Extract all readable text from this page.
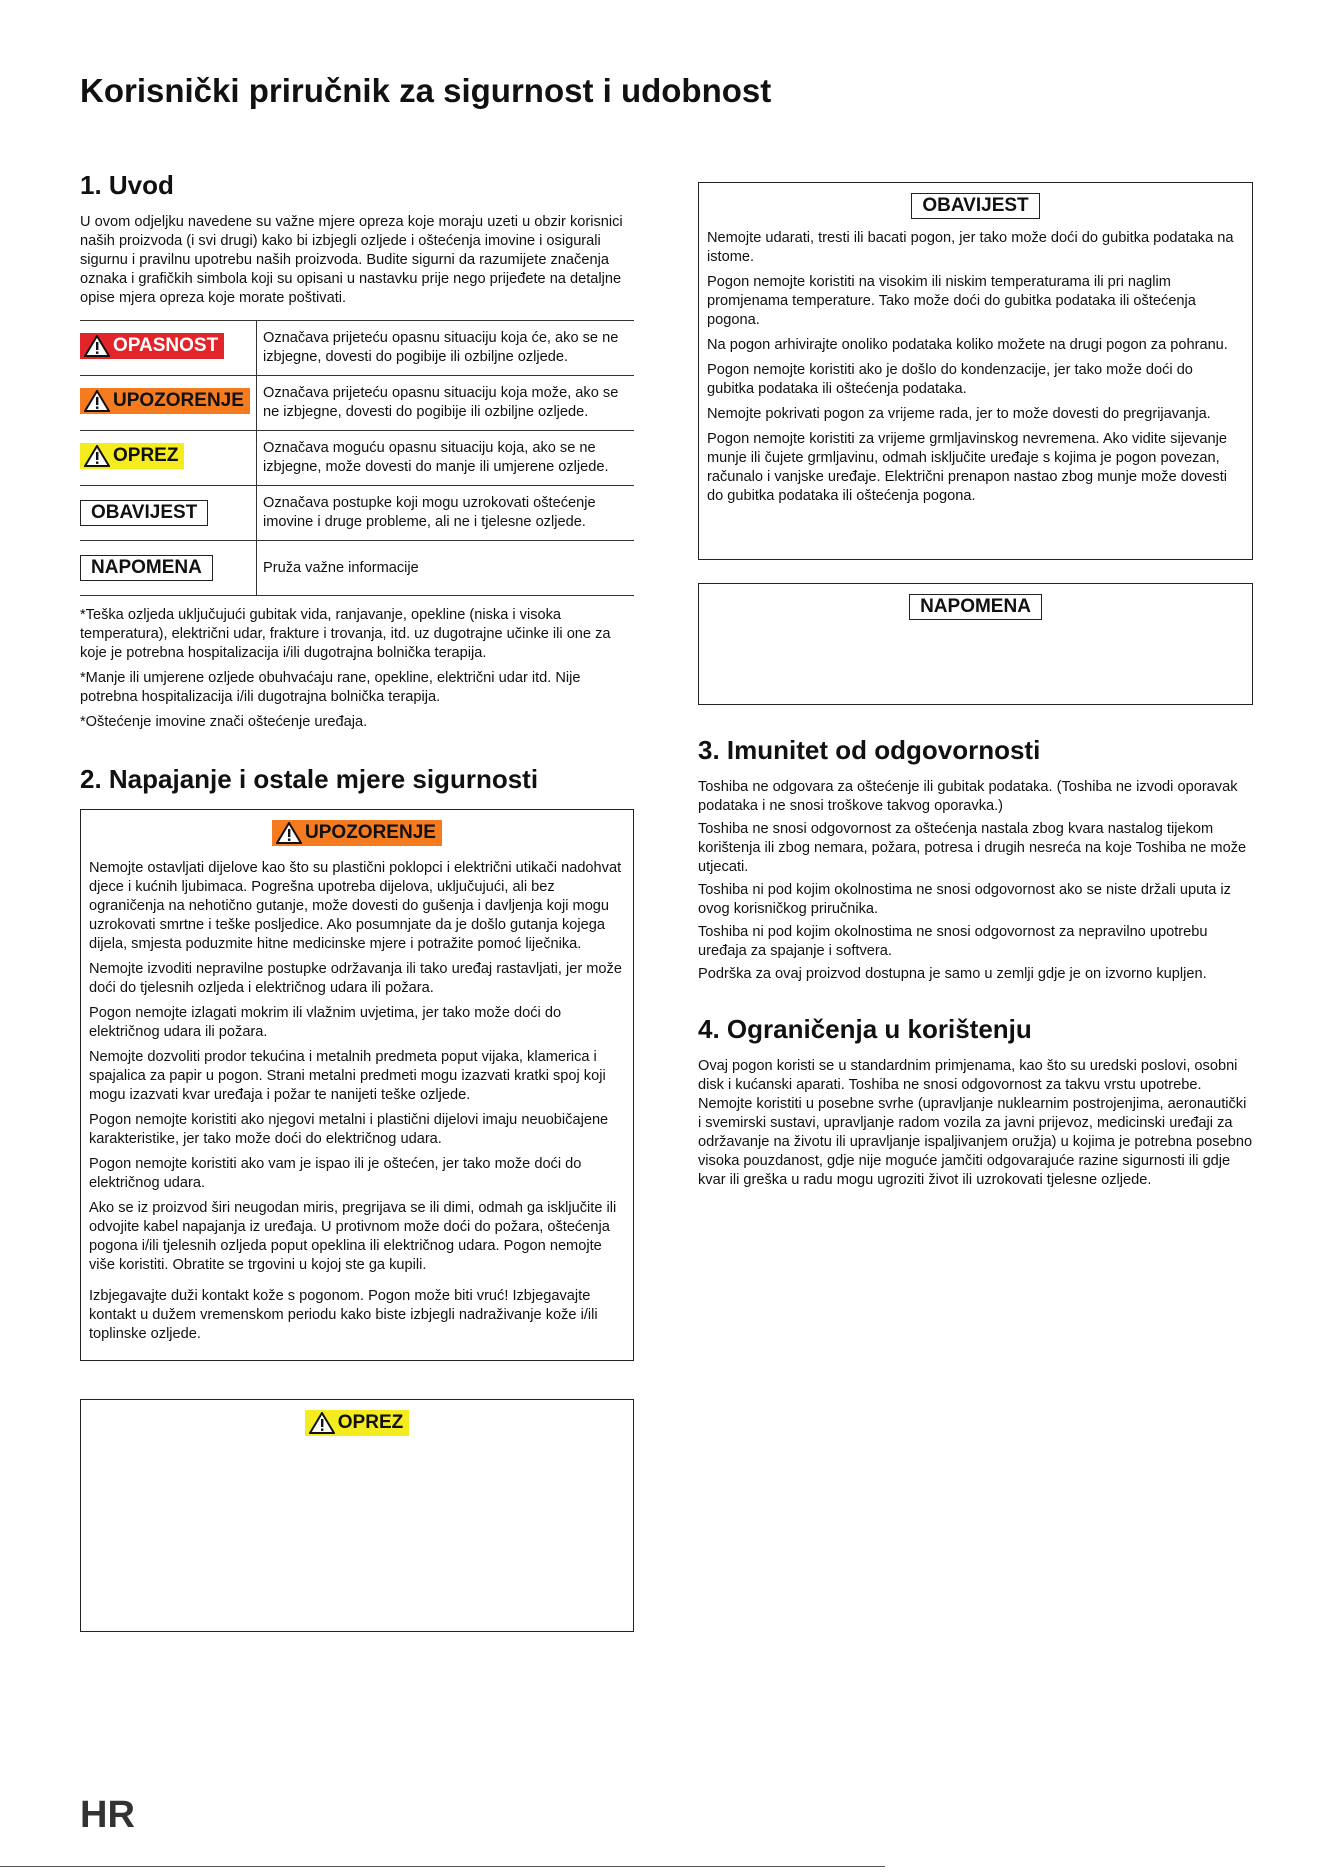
Korisnički priručnik za sigurnost i udobnost
1. Uvod

U ovom odjeljku navedene su važne mjere opreza koje moraju uzeti u obzir korisnici naših proizvoda (i svi drugi) kako bi izbjegli ozljede i oštećenja imovine i osigurali sigurnu i pravilnu upotrebu naših proizvoda. Budite sigurni da razumijete značenja oznaka i grafičkih simbola koji su opisani u nastavku prije nego prijeđete na detaljne opise mjera opreza koje morate poštivati.

OPASNOST	Označava prijeteću opasnu situaciju koja će, ako se ne izbjegne, dovesti do pogibije ili ozbiljne ozljede.

UPOZORENJE	Označava prijeteću opasnu situaciju koja može, ako se ne izbjegne, dovesti do pogibije ili ozbiljne ozljede.

OPREZ	Označava moguću opasnu situaciju koja, ako se ne izbjegne, može dovesti do manje ili umjerene ozljede.
OBAVIJEST	Označava postupke koji mogu uzrokovati oštećenje imovine i druge probleme, ali ne i tjelesne ozljede.
NAPOMENA	Pruža važne informacije

*Teška ozljeda uključujući gubitak vida, ranjavanje, opekline (niska i visoka temperatura), električni udar, frakture i trovanja, itd. uz dugotrajne učinke ili one za koje je potrebna hospitalizacija i/ili dugotrajna bolnička terapija.

*Manje ili umjerene ozljede obuhvaćaju rane, opekline, električni udar itd. Nije potrebna hospitalizacija i/ili dugotrajna bolnička terapija.

*Oštećenje imovine znači oštećenje uređaja.

2. Napajanje i ostale mjere sigurnosti
UPOZORENJE

Nemojte ostavljati dijelove kao što su plastični poklopci i električni utikači nadohvat djece i kućnih ljubimaca. Pogrešna upotreba dijelova, uključujući, ali bez ograničenja na nehotično gutanje, može dovesti do gušenja i davljenja koji mogu uzrokovati smrtne i teške posljedice. Ako posumnjate da je došlo gutanja kojega dijela, smjesta poduzmite hitne medicinske mjere i potražite pomoć liječnika.

Nemojte izvoditi nepravilne postupke održavanja ili tako uređaj rastavljati, jer može doći do tjelesnih ozljeda i električnog udara ili požara.

Pogon nemojte izlagati mokrim ili vlažnim uvjetima, jer tako može doći do električnog udara ili požara.

Nemojte dozvoliti prodor tekućina i metalnih predmeta poput vijaka, klamerica i spajalica za papir u pogon. Strani metalni predmeti mogu izazvati kratki spoj koji mogu izazvati kvar uređaja i požar te nanijeti teške ozljede.

Pogon nemojte koristiti ako njegovi metalni i plastični dijelovi imaju neuobičajene karakteristike, jer tako može doći do električnog udara.

Pogon nemojte koristiti ako vam je ispao ili je oštećen, jer tako može doći do električnog udara.

Ako se iz proizvod širi neugodan miris, pregrijava se ili dimi, odmah ga isključite ili odvojite kabel napajanja iz uređaja. U protivnom može doći do požara, oštećenja pogona i/ili tjelesnih ozljeda poput opeklina ili električnog udara. Pogon nemojte više koristiti. Obratite se trgovini u kojoj ste ga kupili.

Izbjegavajte duži kontakt kože s pogonom. Pogon može biti vruć! Izbjegavajte kontakt u dužem vremenskom periodu kako biste izbjegli nadraživanje kože i/ili toplinske ozljede.

OPREZ
OBAVIJEST

Nemojte udarati, tresti ili bacati pogon, jer tako može doći do gubitka podataka na istome.

Pogon nemojte koristiti na visokim ili niskim temperaturama ili pri naglim promjenama temperature. Tako može doći do gubitka podataka ili oštećenja pogona.

Na pogon arhivirajte onoliko podataka koliko možete na drugi pogon za pohranu.

Pogon nemojte koristiti ako je došlo do kondenzacije, jer tako može doći do gubitka podataka ili oštećenja podataka.

Nemojte pokrivati pogon za vrijeme rada, jer to može dovesti do pregrijavanja.

Pogon nemojte koristiti za vrijeme grmljavinskog nevremena. Ako vidite sijevanje munje ili čujete grmljavinu, odmah isključite uređaje s kojima je pogon povezan, računalo i vanjske uređaje. Električni prenapon nastao zbog munje može dovesti do gubitka podataka ili oštećenja pogona.

NAPOMENA
3. Imunitet od odgovornosti

Toshiba ne odgovara za oštećenje ili gubitak podataka. (Toshiba ne izvodi oporavak podataka i ne snosi troškove takvog oporavka.)

Toshiba ne snosi odgovornost za oštećenja nastala zbog kvara nastalog tijekom korištenja ili zbog nemara, požara, potresa i drugih nesreća na koje Toshiba ne može utjecati.

Toshiba ni pod kojim okolnostima ne snosi odgovornost ako se niste držali uputa iz ovog korisničkog priručnika.

Toshiba ni pod kojim okolnostima ne snosi odgovornost za nepravilno upotrebu uređaja za spajanje i softvera.

Podrška za ovaj proizvod dostupna je samo u zemlji gdje je on izvorno kupljen.

4. Ograničenja u korištenju

Ovaj pogon koristi se u standardnim primjenama, kao što su uredski poslovi, osobni disk i kućanski aparati. Toshiba ne snosi odgovornost za takvu vrstu upotrebe. Nemojte koristiti u posebne svrhe (upravljanje nuklearnim postrojenjima, aeronautički i svemirski sustavi, upravljanje radom vozila za javni prijevoz, medicinski uređaji za održavanje na životu ili upravljanje ispaljivanjem oružja) u kojima je potrebna posebno visoka pouzdanost, gdje nije moguće jamčiti odgovarajuće razine sigurnosti ili gdje kvar ili greška u radu mogu ugroziti život ili uzrokovati tjelesne ozljede.

HR
